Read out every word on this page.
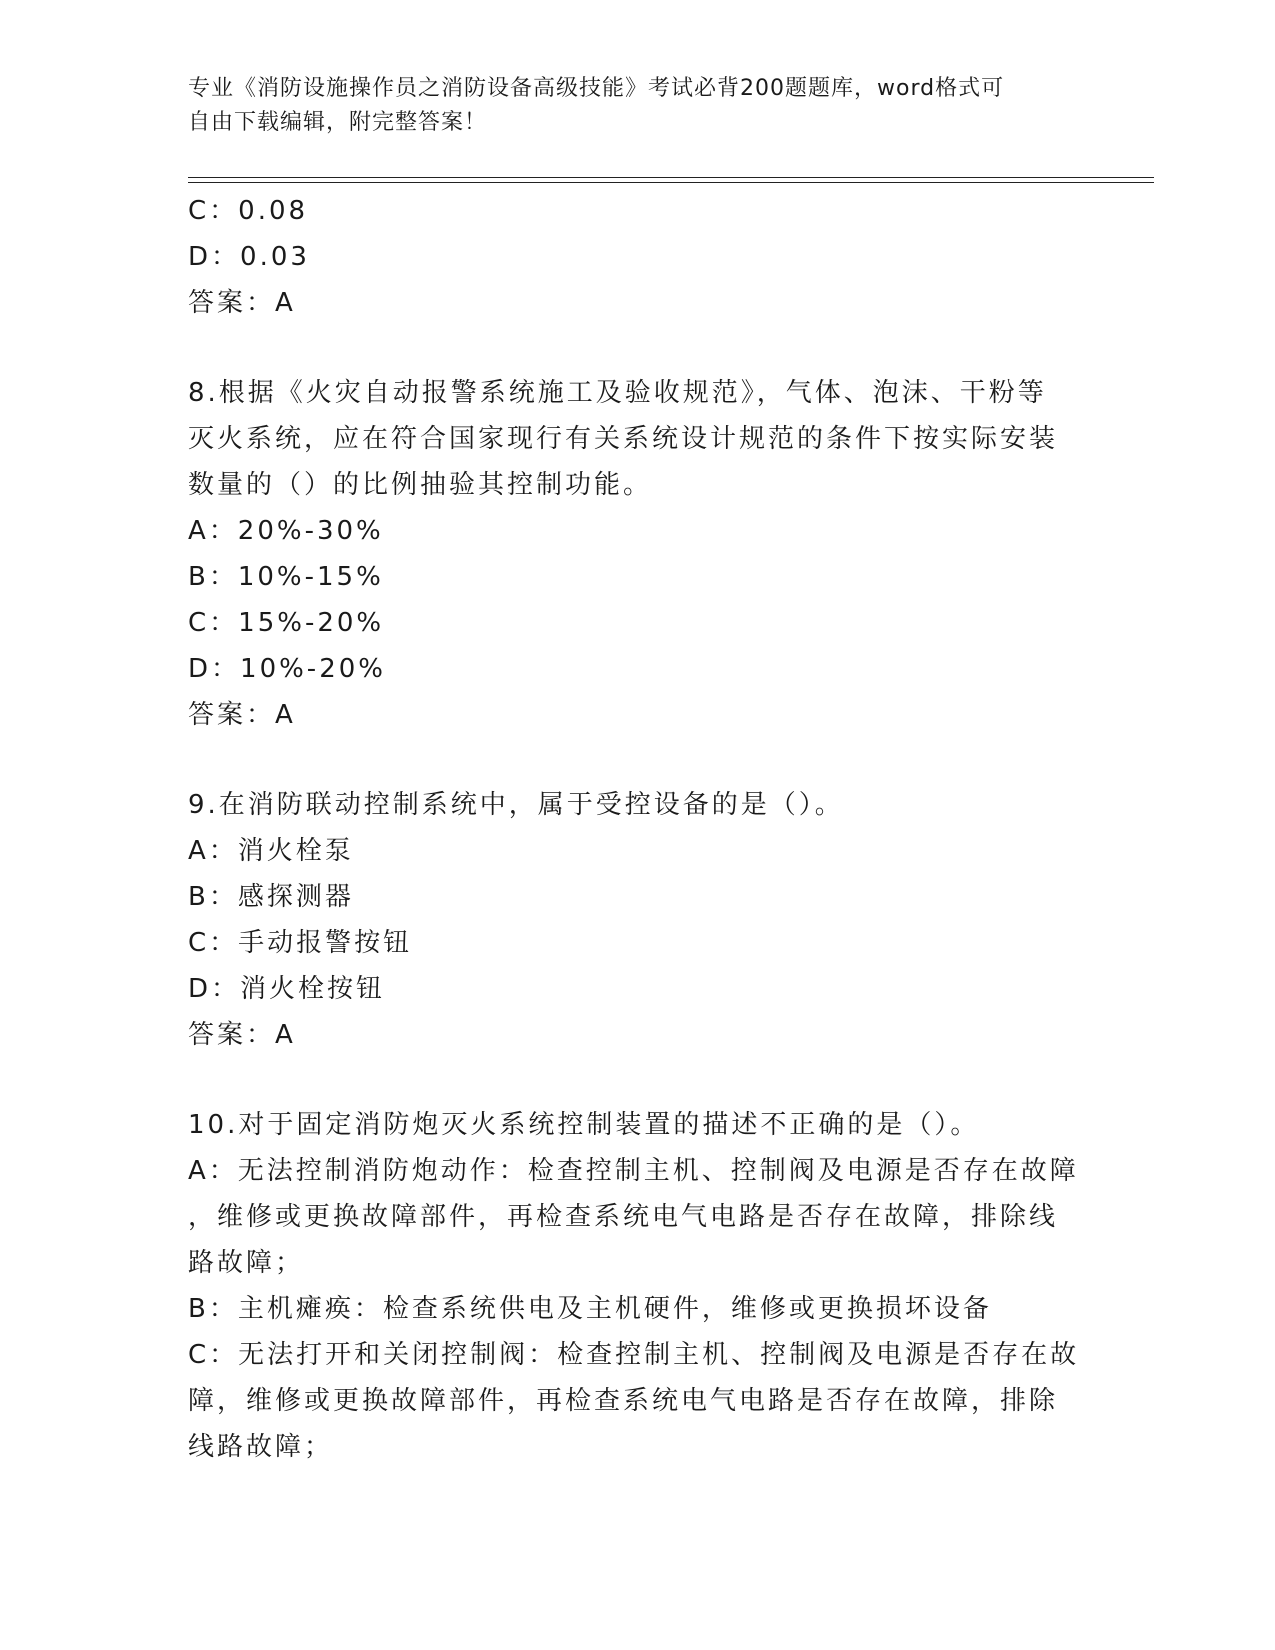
专业《消防设施操作员之消防设备高级技能》考试必背200题题库，word格式可
自由下载编辑，附完整答案！
C：0.08
D：0.03
答案：A
8.根据《火灾自动报警系统施工及验收规范》，气体、泡沫、干粉等
灭火系统，应在符合国家现行有关系统设计规范的条件下按实际安装
数量的（）的比例抽验其控制功能。
A：20%-30%
B：10%-15%
C：15%-20%
D：10%-20%
答案：A
9.在消防联动控制系统中，属于受控设备的是（）。
A：消火栓泵
B：感探测器
C：手动报警按钮
D：消火栓按钮
答案：A
10.对于固定消防炮灭火系统控制装置的描述不正确的是（）。
A：无法控制消防炮动作：检查控制主机、控制阀及电源是否存在故障
，维修或更换故障部件，再检查系统电气电路是否存在故障，排除线
路故障；
B：主机瘫痪：检查系统供电及主机硬件，维修或更换损坏设备
C：无法打开和关闭控制阀：检查控制主机、控制阀及电源是否存在故
障，维修或更换故障部件，再检查系统电气电路是否存在故障，排除
线路故障；
